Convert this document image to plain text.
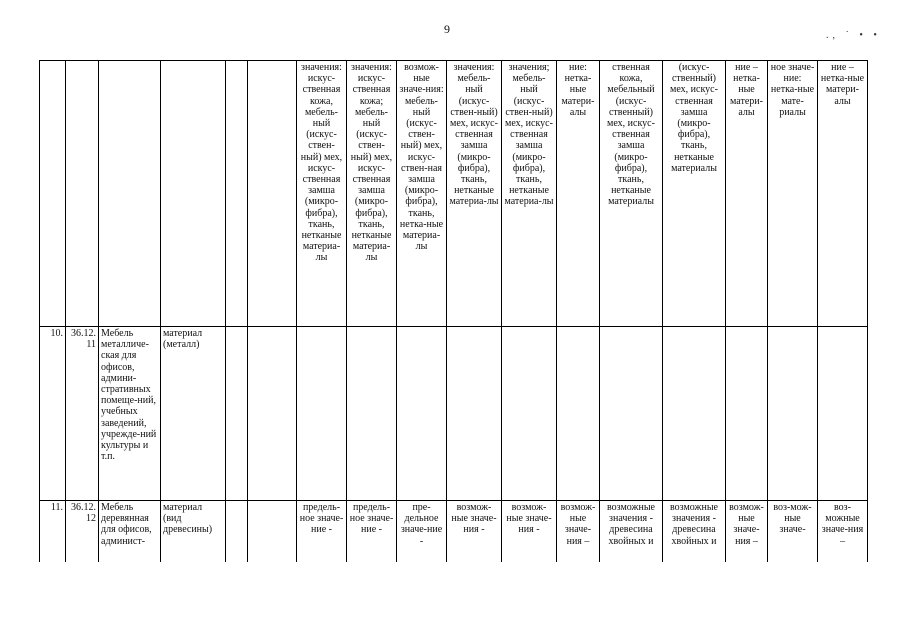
9	., ˙ • •
						значения: искус-ственная кожа, мебель-ный (искус-ствен-ный) мех, искус-ственная замша (микро-фибра), ткань, нетканые материа-лы	значения: искус-ственная кожа; мебель-ный (искус-ствен-ный) мех, искус-ственная замша (микро-фибра), ткань, нетканые материа-лы	возмож-ные значе-ния: мебель-ный (искус-ствен-ный) мех, искус-ствен-ная замша (микро-фибра), ткань, нетка-ные материа-лы	значения: мебель-ный (искус-ствен-ный) мех, искус-ственная замша (микро-фибра), ткань, нетканые материа-лы	значения; мебель-ный (искус-ствен-ный) мех, искус-ственная замша (микро-фибра), ткань, нетканые материа-лы	ние: нетка-ные матери-алы	ственная кожа, мебельный (искус-ственный) мех, искус-ственная замша (микро-фибра), ткань, нетканые материалы	(искус-ственный) мех, искус-ственная замша (микро-фибра), ткань, нетканые материалы	ние – нетка-ные матери-алы	ное значе-ние: нетка-ные мате-риалы	ние – нетка-ные матери-алы
10.	36.12. 11	Мебель металличе-ская для офисов, админи-стративных помеще-ний, учебных заведений, учрежде-ний культуры и т.п.	материал (металл)													
11.	36.12. 12	Мебель деревянная для офисов, админист-	материал (вид древесины)			предель-ное значе-ние -	предель-ное значе-ние -	пре-дельное значе-ние -	возмож-ные значе-ния -	возмож-ные значе-ния -	возмож-ные значе-ния –	возможные значения - древесина хвойных и	возможные значения - древесина хвойных и	возмож-ные значе-ния –	воз-мож-ные значе-	воз-можные значе-ния –
